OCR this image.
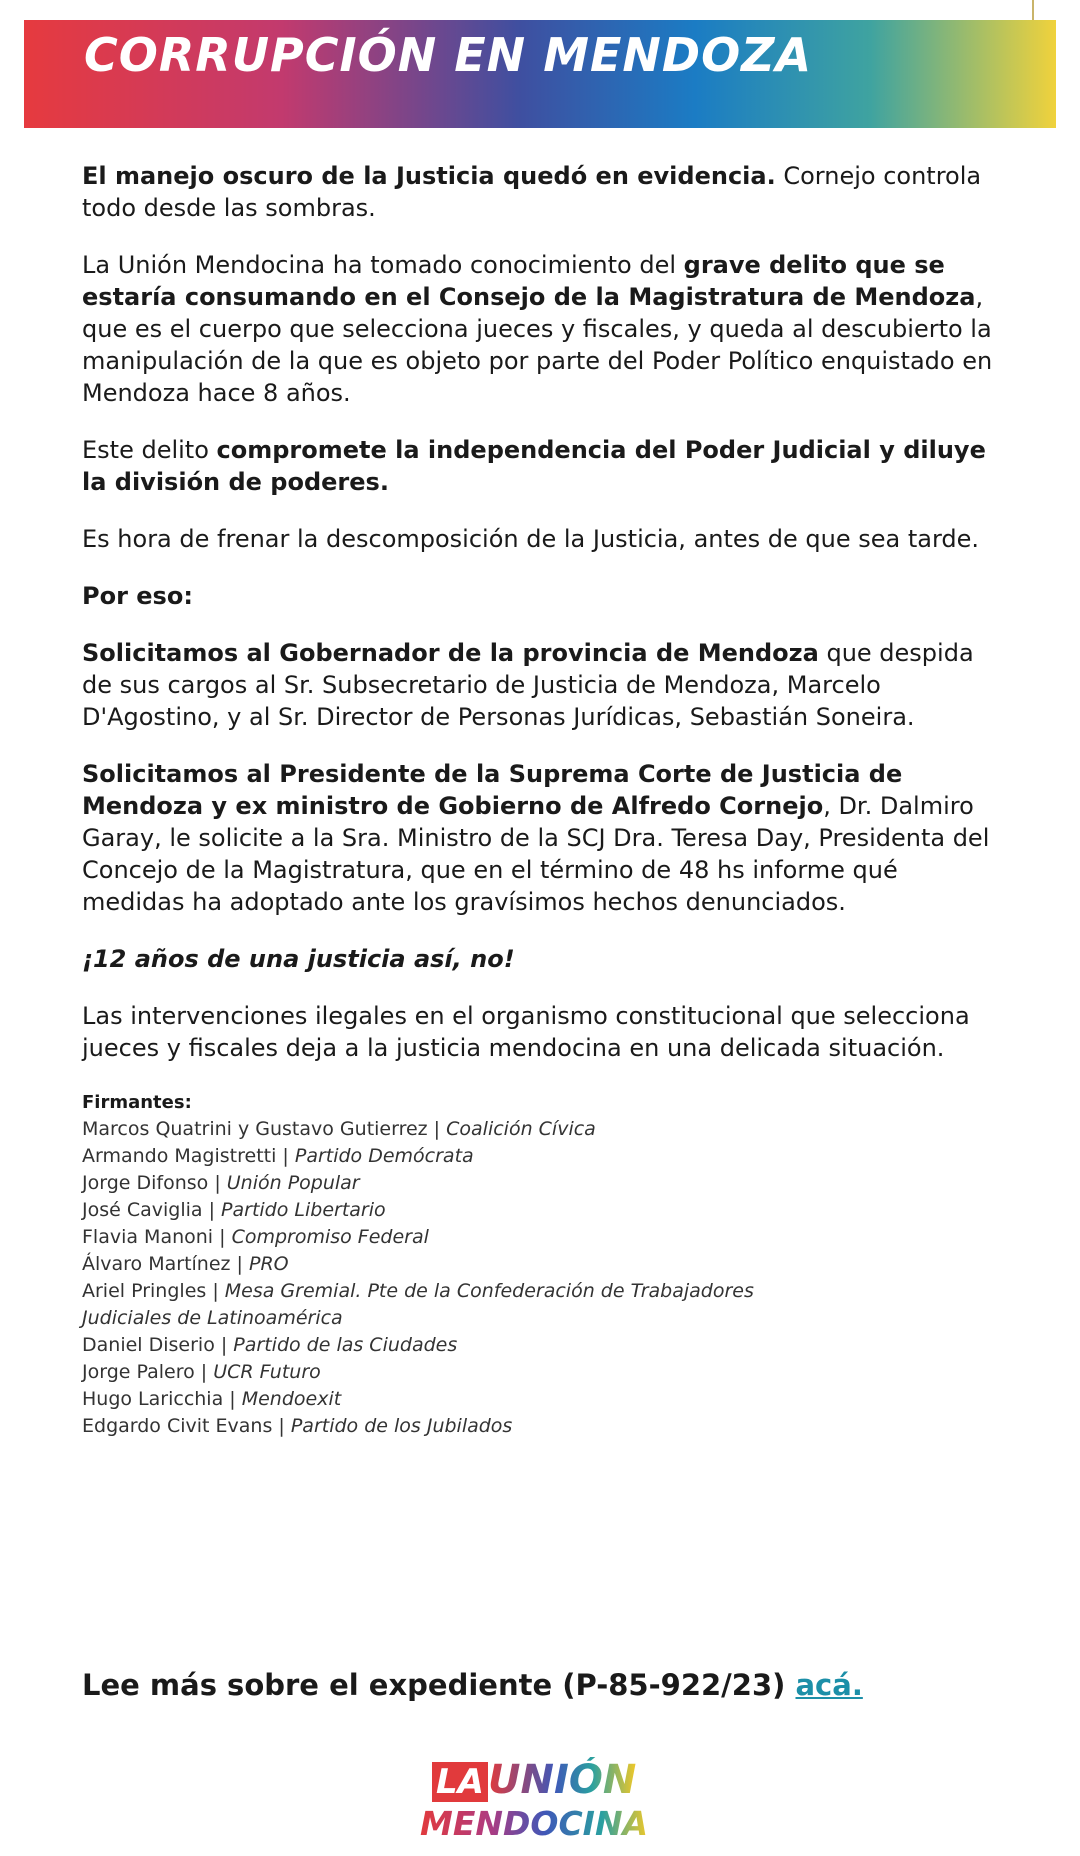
CORRUPCIÓN EN MENDOZA

El manejo oscuro de la Justicia quedó en evidencia. Cornejo controla todo desde las sombras.

La Unión Mendocina ha tomado conocimiento del grave delito que se estaría consumando en el Consejo de la Magistratura de Mendoza, que es el cuerpo que selecciona jueces y fiscales, y queda al descubierto la manipulación de la que es objeto por parte del Poder Político enquistado en Mendoza hace 8 años.

Este delito compromete la independencia del Poder Judicial y diluye la división de poderes.

Es hora de frenar la descomposición de la Justicia, antes de que sea tarde.

Por eso:

Solicitamos al Gobernador de la provincia de Mendoza que despida de sus cargos al Sr. Subsecretario de Justicia de Mendoza, Marcelo D'Agostino, y al Sr. Director de Personas Jurídicas, Sebastián Soneira.

Solicitamos al Presidente de la Suprema Corte de Justicia de Mendoza y ex ministro de Gobierno de Alfredo Cornejo, Dr. Dalmiro Garay, le solicite a la Sra. Ministro de la SCJ Dra. Teresa Day, Presidenta del Concejo de la Magistratura, que en el término de 48 hs informe qué medidas ha adoptado ante los gravísimos hechos denunciados.

¡12 años de una justicia así, no!

Las intervenciones ilegales en el organismo constitucional que selecciona jueces y fiscales deja a la justicia mendocina en una delicada situación.

Firmantes:

Marcos Quatrini y Gustavo Gutierrez | Coalición Cívica

Armando Magistretti | Partido Demócrata

Jorge Difonso | Unión Popular

José Caviglia | Partido Libertario

Flavia Manoni | Compromiso Federal

Álvaro Martínez | PRO

Ariel Pringles | Mesa Gremial. Pte de la Confederación de Trabajadores

Judiciales de Latinoamérica

Daniel Diserio | Partido de las Ciudades

Jorge Palero | UCR Futuro

Hugo Laricchia | Mendoexit

Edgardo Civit Evans | Partido de los Jubilados

Lee más sobre el expediente (P-85-922/23) acá.

LA UNIÓN
MENDOCINA
